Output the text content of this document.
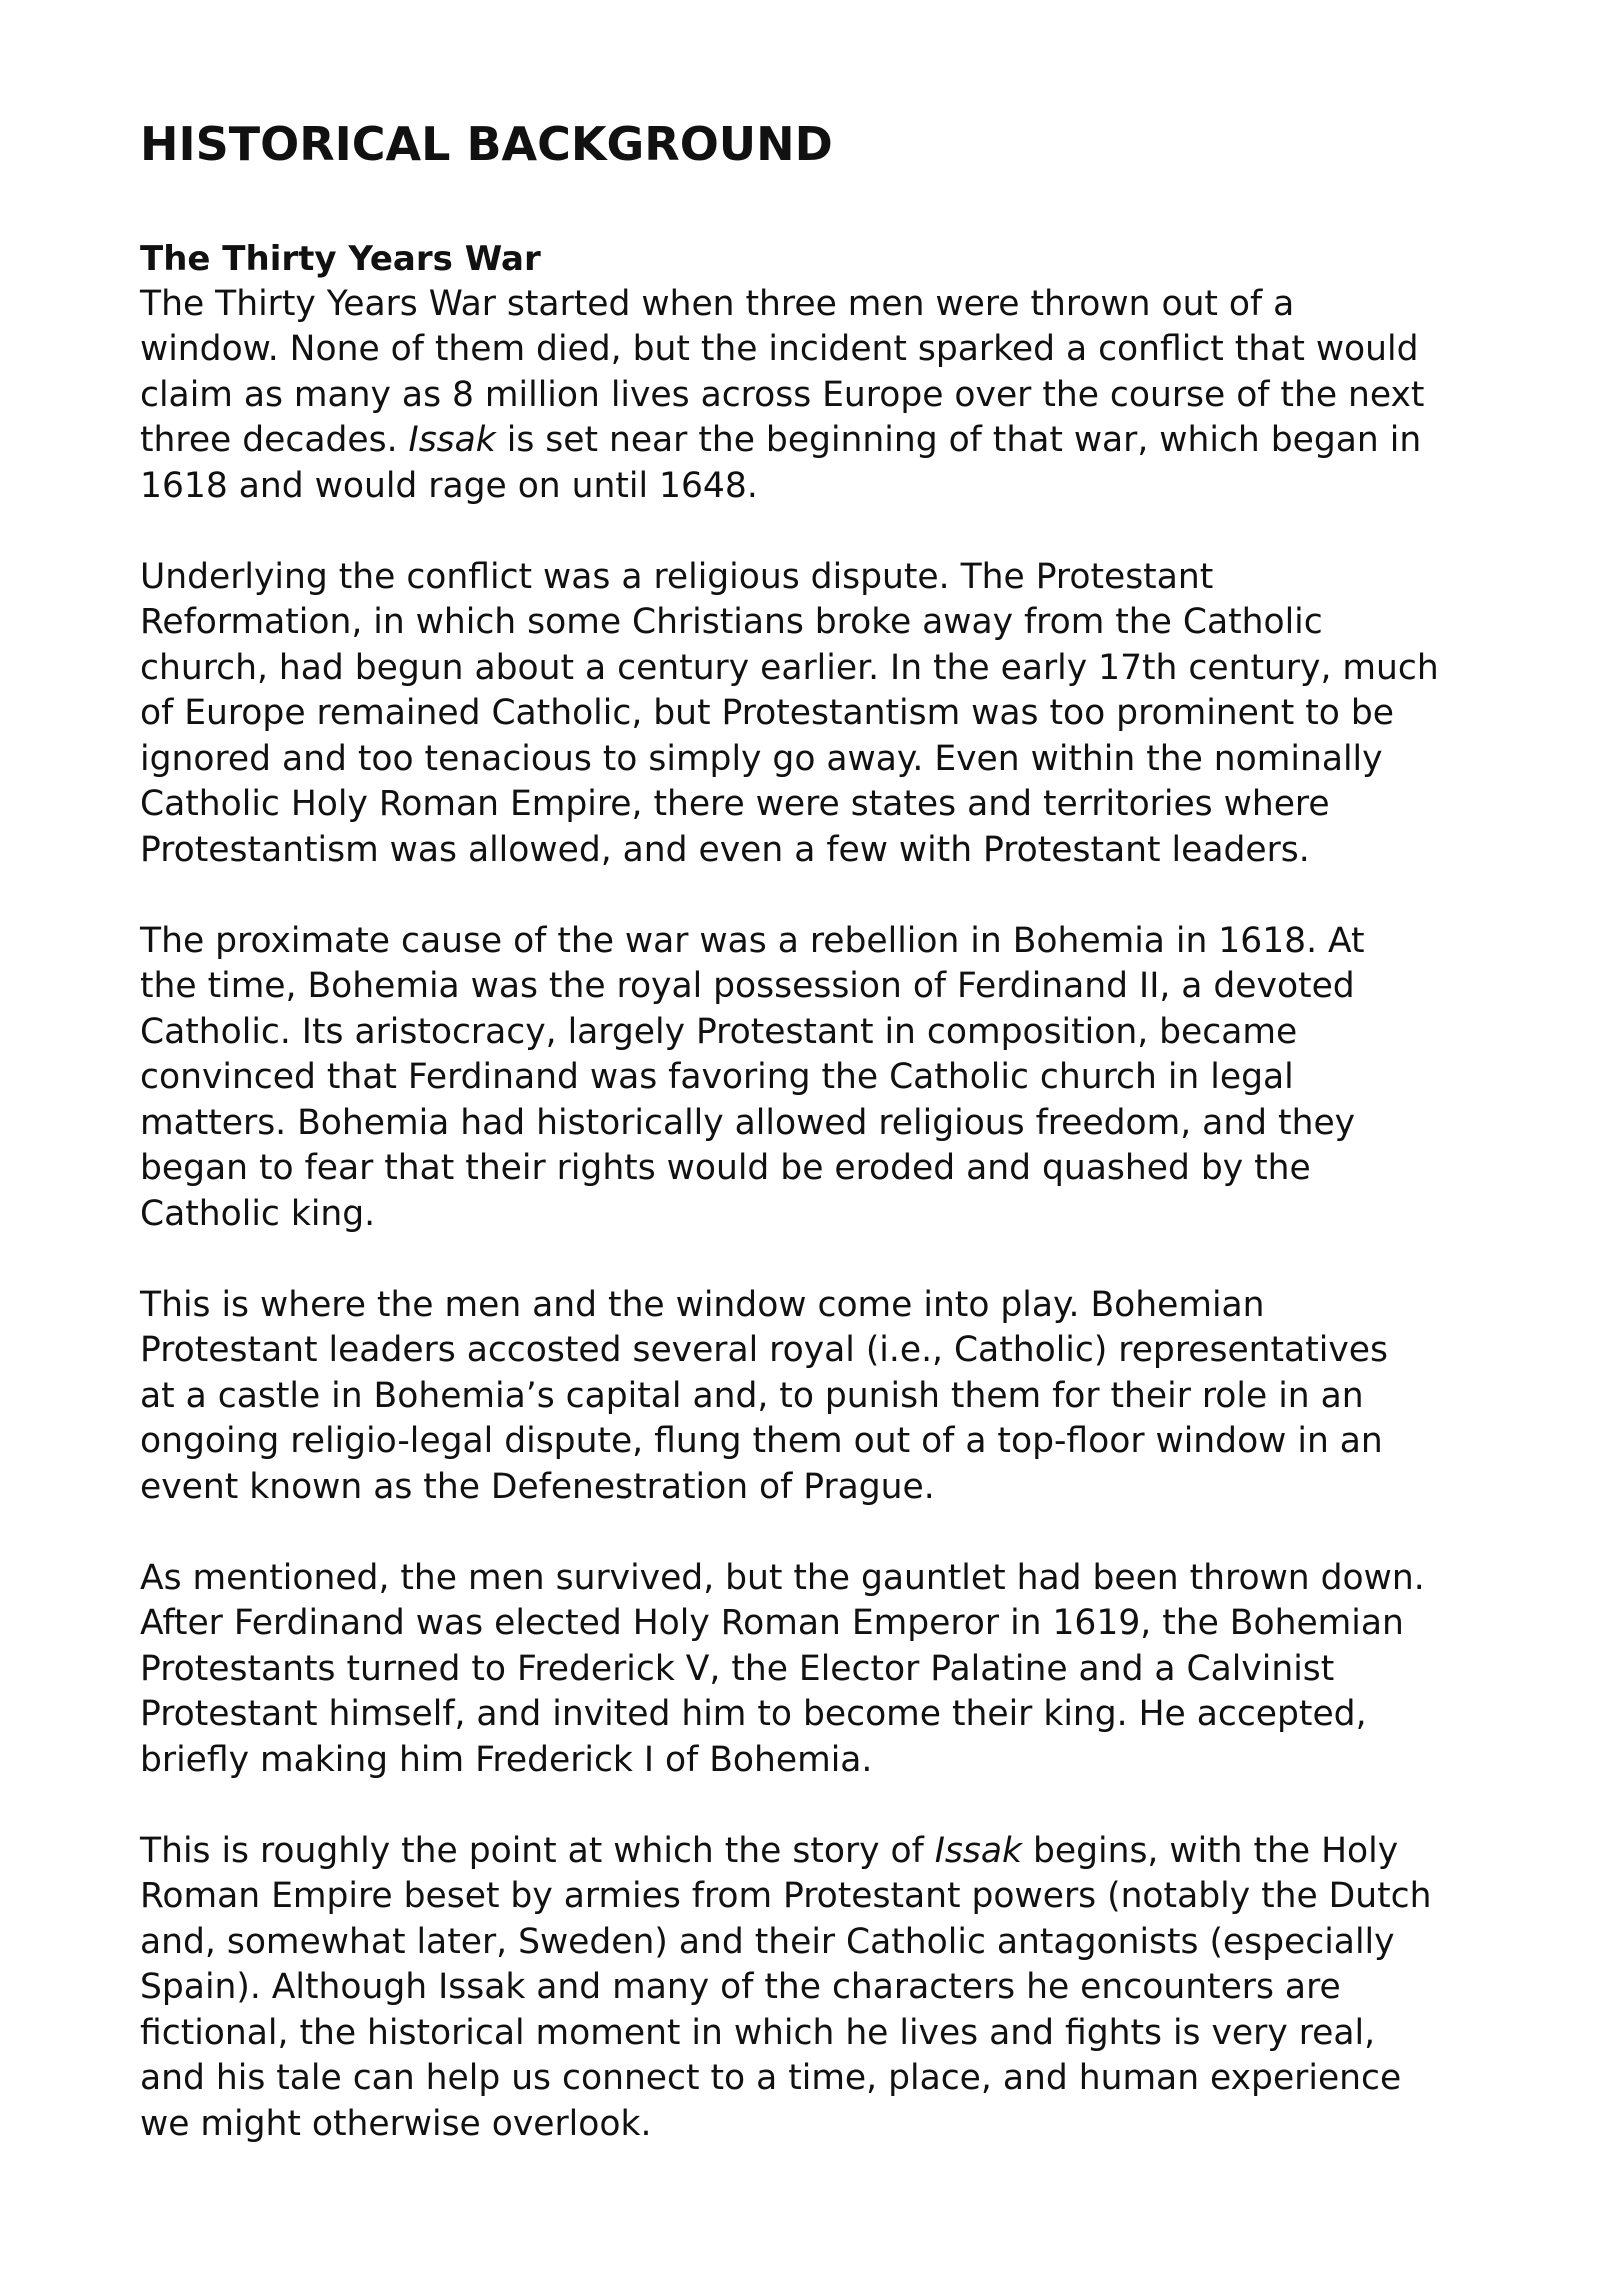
HISTORICAL BACKGROUND
The Thirty Years War

The Thirty Years War started when three men were thrown out of a
window. None of them died, but the incident sparked a conflict that would
claim as many as 8 million lives across Europe over the course of the next
three decades. Issak is set near the beginning of that war, which began in
1618 and would rage on until 1648.

Underlying the conflict was a religious dispute. The Protestant
Reformation, in which some Christians broke away from the Catholic
church, had begun about a century earlier. In the early 17th century, much
of Europe remained Catholic, but Protestantism was too prominent to be
ignored and too tenacious to simply go away. Even within the nominally
Catholic Holy Roman Empire, there were states and territories where
Protestantism was allowed, and even a few with Protestant leaders.

The proximate cause of the war was a rebellion in Bohemia in 1618. At
the time, Bohemia was the royal possession of Ferdinand II, a devoted
Catholic. Its aristocracy, largely Protestant in composition, became
convinced that Ferdinand was favoring the Catholic church in legal
matters. Bohemia had historically allowed religious freedom, and they
began to fear that their rights would be eroded and quashed by the
Catholic king.

This is where the men and the window come into play. Bohemian
Protestant leaders accosted several royal (i.e., Catholic) representatives
at a castle in Bohemia’s capital and, to punish them for their role in an
ongoing religio-legal dispute, flung them out of a top-floor window in an
event known as the Defenestration of Prague.

As mentioned, the men survived, but the gauntlet had been thrown down.
After Ferdinand was elected Holy Roman Emperor in 1619, the Bohemian
Protestants turned to Frederick V, the Elector Palatine and a Calvinist
Protestant himself, and invited him to become their king. He accepted,
briefly making him Frederick I of Bohemia.

This is roughly the point at which the story of Issak begins, with the Holy
Roman Empire beset by armies from Protestant powers (notably the Dutch
and, somewhat later, Sweden) and their Catholic antagonists (especially
Spain). Although Issak and many of the characters he encounters are
fictional, the historical moment in which he lives and fights is very real,
and his tale can help us connect to a time, place, and human experience
we might otherwise overlook.
